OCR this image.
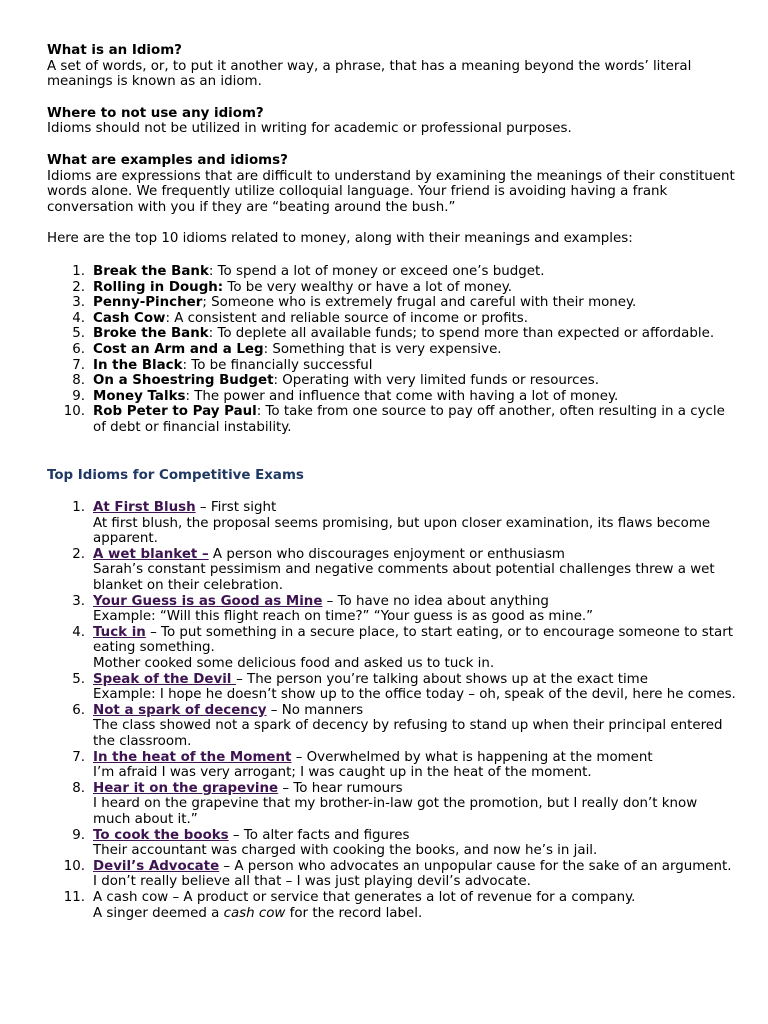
What is an Idiom?
A set of words, or, to put it another way, a phrase, that has a meaning beyond the words’ literal meanings is known as an idiom.
Where to not use any idiom?
Idioms should not be utilized in writing for academic or professional purposes.
What are examples and idioms?
Idioms are expressions that are difficult to understand by examining the meanings of their constituent words alone. We frequently utilize colloquial language. Your friend is avoiding having a frank conversation with you if they are “beating around the bush.”
Here are the top 10 idioms related to money, along with their meanings and examples:
1. Break the Bank: To spend a lot of money or exceed one’s budget.
2. Rolling in Dough: To be very wealthy or have a lot of money.
3. Penny-Pincher; Someone who is extremely frugal and careful with their money.
4. Cash Cow: A consistent and reliable source of income or profits.
5. Broke the Bank: To deplete all available funds; to spend more than expected or affordable.
6. Cost an Arm and a Leg: Something that is very expensive.
7. In the Black: To be financially successful
8. On a Shoestring Budget: Operating with very limited funds or resources.
9. Money Talks: The power and influence that come with having a lot of money.
10. Rob Peter to Pay Paul: To take from one source to pay off another, often resulting in a cycle of debt or financial instability.
Top Idioms for Competitive Exams
1. At First Blush – First sight
At first blush, the proposal seems promising, but upon closer examination, its flaws become apparent.
2. A wet blanket – A person who discourages enjoyment or enthusiasm
Sarah’s constant pessimism and negative comments about potential challenges threw a wet blanket on their celebration.
3. Your Guess is as Good as Mine – To have no idea about anything
Example: “Will this flight reach on time?” “Your guess is as good as mine.”
4. Tuck in – To put something in a secure place, to start eating, or to encourage someone to start eating something.
Mother cooked some delicious food and asked us to tuck in.
5. Speak of the Devil – The person you’re talking about shows up at the exact time
Example: I hope he doesn’t show up to the office today – oh, speak of the devil, here he comes.
6. Not a spark of decency – No manners
The class showed not a spark of decency by refusing to stand up when their principal entered the classroom.
7. In the heat of the Moment – Overwhelmed by what is happening at the moment
I’m afraid I was very arrogant; I was caught up in the heat of the moment.
8. Hear it on the grapevine – To hear rumours
I heard on the grapevine that my brother-in-law got the promotion, but I really don’t know much about it.”
9. To cook the books – To alter facts and figures
Their accountant was charged with cooking the books, and now he’s in jail.
10. Devil’s Advocate – A person who advocates an unpopular cause for the sake of an argument.
I don’t really believe all that – I was just playing devil’s advocate.
11. A cash cow – A product or service that generates a lot of revenue for a company.
A singer deemed a cash cow for the record label.
